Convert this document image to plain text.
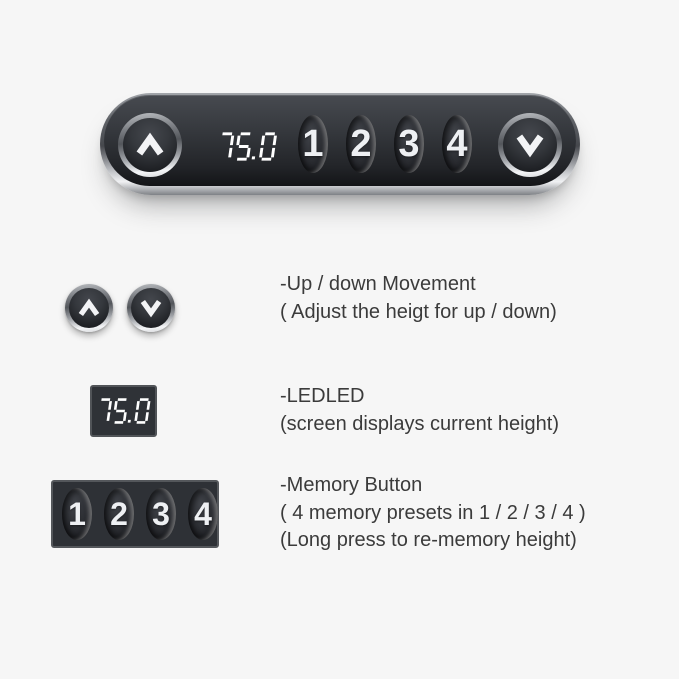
1 2 3 4
-Up / down Movement
( Adjust the heigt for up / down)
-LEDLED
(screen displays current height)
1 2 3 4
-Memory Button
( 4 memory presets in 1 / 2 / 3 / 4 )
(Long press to re-memory height)
